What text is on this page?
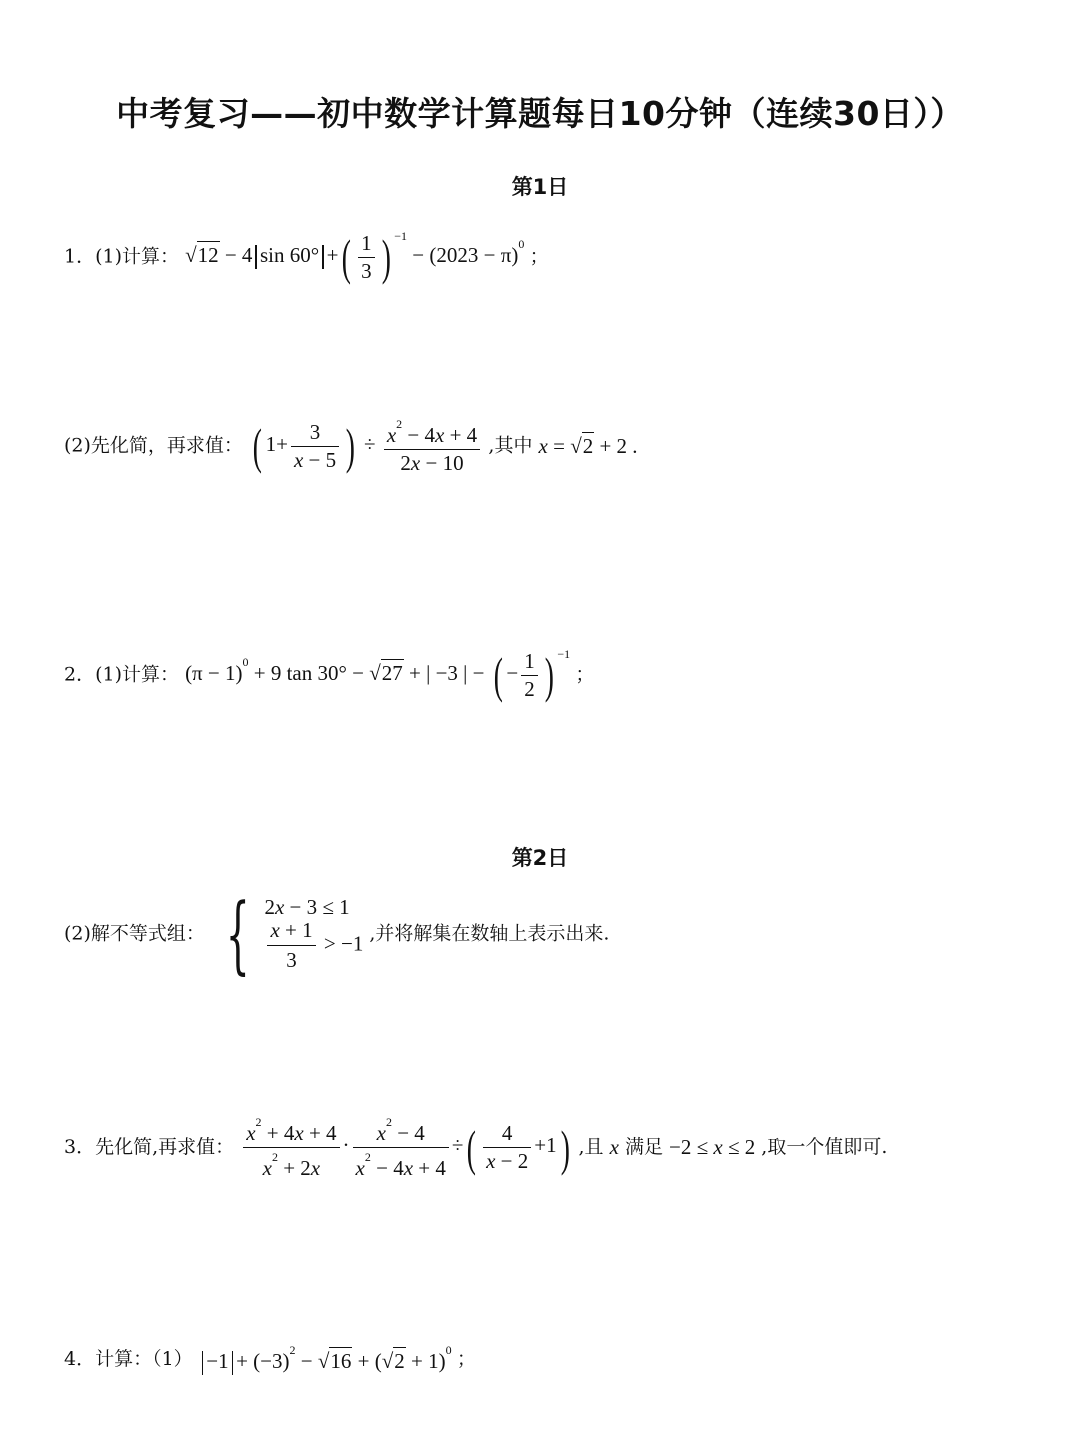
中考复习——初中数学计算题每日10分钟（连续30日））
第1日
1．(1)计算： √12 − 4 sin 60° +( $\frac{1}{3}$ ) $^{-1} - (2023 - \pi)^0$ ；
(2)先化简，再求值： ( $1+ \frac{3}{x - 5}$ ) ÷ $\frac{x^2 - 4x + 4}{2x - 10}$ ,其中 x = √2 + 2 .
2．(1)计算： $(\pi - 1)^0 + 9$ tan 30° − √27 + | −3 | − ( − $\frac{1}{2}$ ) $^{-1}$ ；
第2日
(2)解不等式组： { 2x − 3 ≤ 1
$\frac{x + 1}{3} > -1$ ,并将解集在数轴上表示出来.
3．先化简,再求值： $\frac{x^2 + 4x + 4}{x^2 + 2x} \cdot \frac{x^2 - 4}{x^2 - 4x + 4}$ ÷( $\frac{4}{x - 2} +1$) ,且 x 满足 −2 ≤ x ≤ 2 ,取一个值即可.
4．计算：$(1) -1 + (-3)^2 - √16 + (√2 + 1)^0$ ；
